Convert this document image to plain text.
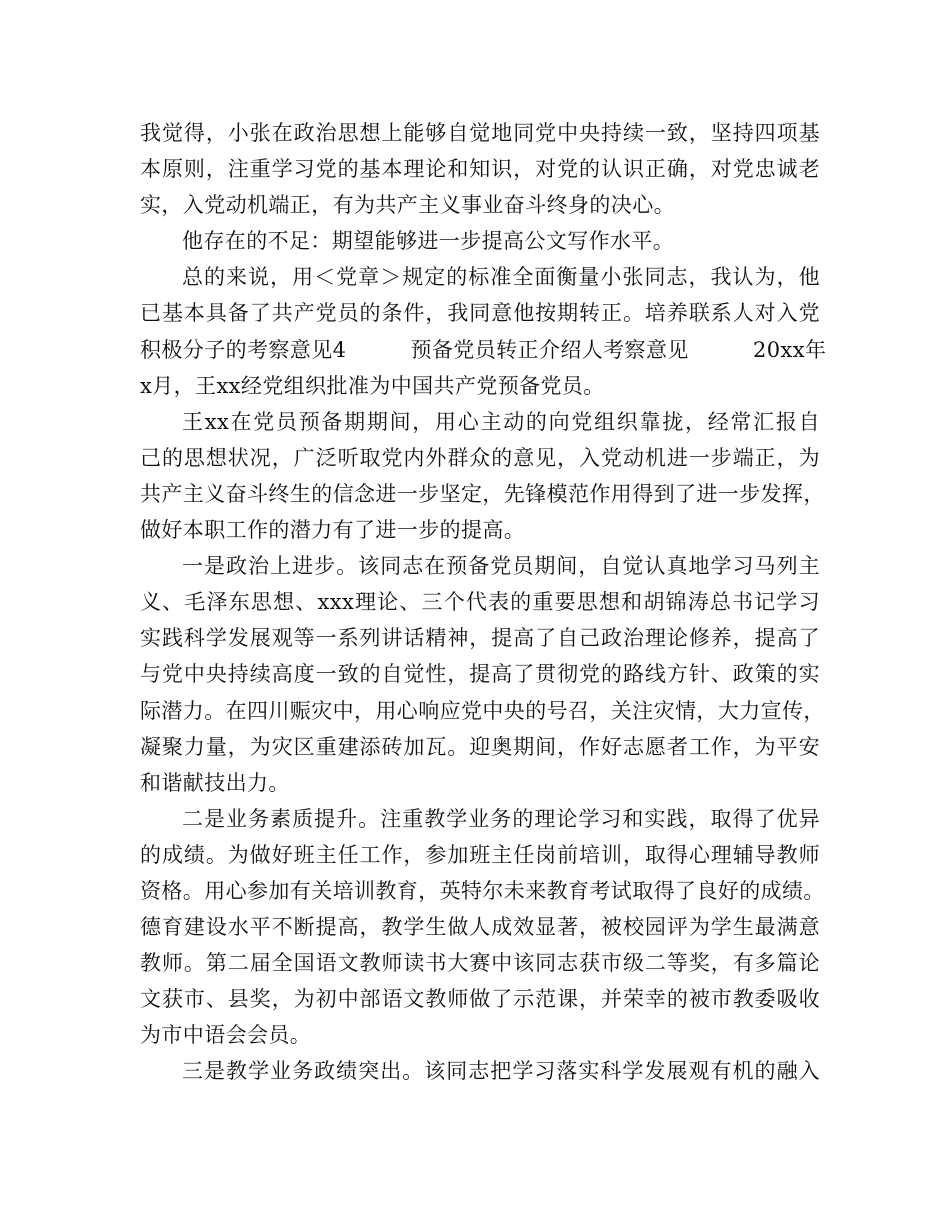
我觉得，小张在政治思想上能够自觉地同党中央持续一致，坚持四项基
本原则，注重学习党的基本理论和知识，对党的认识正确，对党忠诚老
实，入党动机端正，有为共产主义事业奋斗终身的决心。
他存在的不足：期望能够进一步提高公文写作水平。
总的来说，用＜党章＞规定的标准全面衡量小张同志，我认为，他
已基本具备了共产党员的条件，我同意他按期转正。培养联系人对入党
积极分子的考察意见4　　　预备党员转正介绍人考察意见　　　20xx年
x月，王xx经党组织批准为中国共产党预备党员。
王xx在党员预备期期间，用心主动的向党组织靠拢，经常汇报自
己的思想状况，广泛听取党内外群众的意见，入党动机进一步端正，为
共产主义奋斗终生的信念进一步坚定，先锋模范作用得到了进一步发挥，
做好本职工作的潜力有了进一步的提高。
一是政治上进步。该同志在预备党员期间，自觉认真地学习马列主
义、毛泽东思想、xxx理论、三个代表的重要思想和胡锦涛总书记学习
实践科学发展观等一系列讲话精神，提高了自己政治理论修养，提高了
与党中央持续高度一致的自觉性，提高了贯彻党的路线方针、政策的实
际潜力。在四川赈灾中，用心响应党中央的号召，关注灾情，大力宣传，
凝聚力量，为灾区重建添砖加瓦。迎奥期间，作好志愿者工作，为平安
和谐献技出力。
二是业务素质提升。注重教学业务的理论学习和实践，取得了优异
的成绩。为做好班主任工作，参加班主任岗前培训，取得心理辅导教师
资格。用心参加有关培训教育，英特尔未来教育考试取得了良好的成绩。
德育建设水平不断提高，教学生做人成效显著，被校园评为学生最满意
教师。第二届全国语文教师读书大赛中该同志获市级二等奖，有多篇论
文获市、县奖，为初中部语文教师做了示范课，并荣幸的被市教委吸收
为市中语会会员。
三是教学业务政绩突出。该同志把学习落实科学发展观有机的融入
